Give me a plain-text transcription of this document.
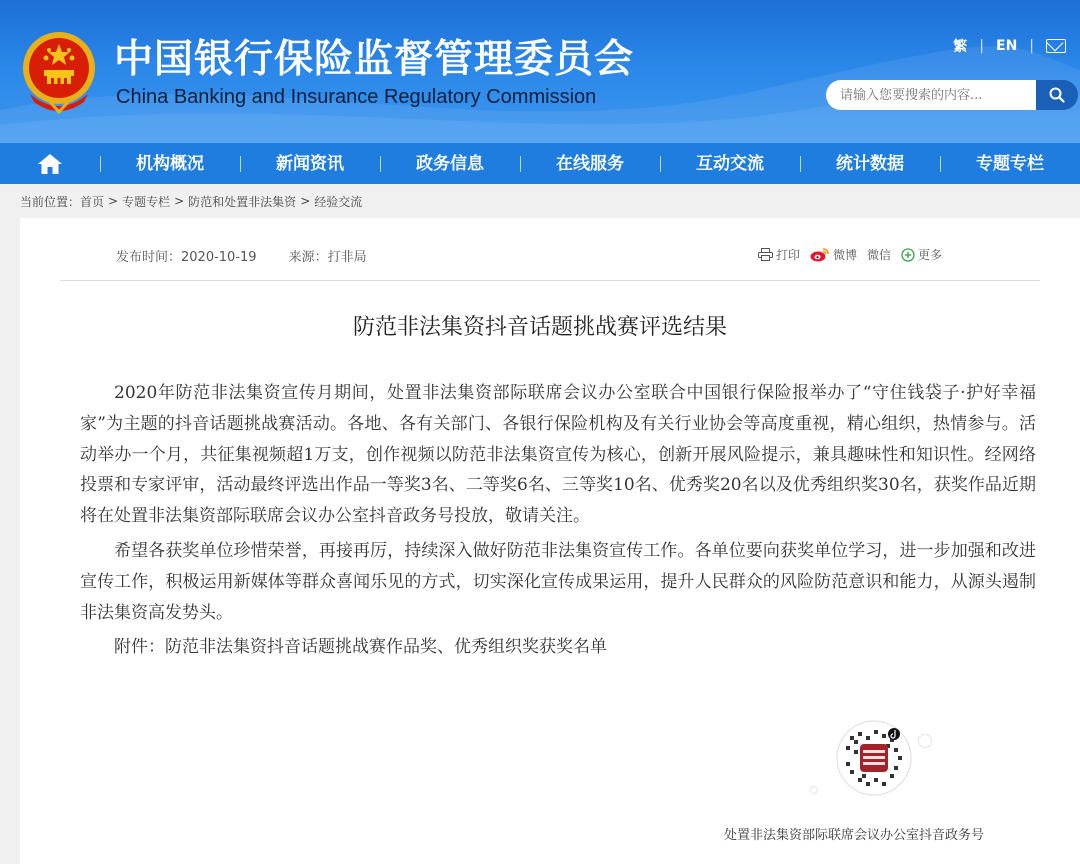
中国银行保险监督管理委员会
China Banking and Insurance Regulatory Commission
繁 | EN |
请输入您要搜索的内容...
机构概况	新闻资讯	政务信息	在线服务	互动交流	统计数据	专题专栏
当前位置： 首页 > 专题专栏 > 防范和处置非法集资 > 经验交流
发布时间：2020-10-19 来源：打非局	打印	微博 微信 更多
防范非法集资抖音话题挑战赛评选结果

2020年防范非法集资宣传月期间，处置非法集资部际联席会议办公室联合中国银行保险报举办了“守住钱袋子·护好幸福家”为主题的抖音话题挑战赛活动。各地、各有关部门、各银行保险机构及有关行业协会等高度重视，精心组织，热情参与。活动举办一个月，共征集视频超1万支，创作视频以防范非法集资宣传为核心，创新开展风险提示，兼具趣味性和知识性。经网络投票和专家评审，活动最终评选出作品一等奖3名、二等奖6名、三等奖10名、优秀奖20名以及优秀组织奖30名，获奖作品近期将在处置非法集资部际联席会议办公室抖音政务号投放，敬请关注。

希望各获奖单位珍惜荣誉，再接再厉，持续深入做好防范非法集资宣传工作。各单位要向获奖单位学习，进一步加强和改进宣传工作，积极运用新媒体等群众喜闻乐见的方式，切实深化宣传成果运用，提升人民群众的风险防范意识和能力，从源头遏制非法集资高发势头。

附件：防范非法集资抖音话题挑战赛作品奖、优秀组织奖获奖名单

处置非法集资部际联席会议办公室抖音政务号
